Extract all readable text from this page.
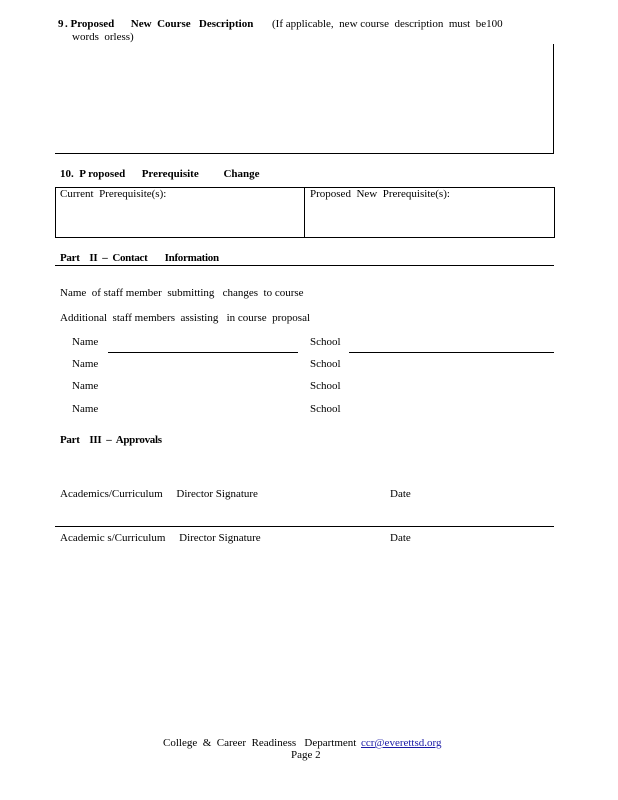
9 . Proposed      New  Course   Description (If applicable,  new course  description  must  be100
words  orless)
10.  P roposed      Prerequisite         Change
Current  Prerequisite(s):	Proposed  New  Prerequisite(s):
Part    II  –  Contact       Information
Name  of staff member  submitting   changes  to course
Additional  staff members  assisting   in course  proposal
Name	School
Name	School
Name	School
Name	School
Part    III  –  Approvals
Academics/Curriculum     Director Signature	Date
Academic s/Curriculum     Director Signature	Date
College  &  Career  Readiness   Department ccr@everettsd.org
Page 2
